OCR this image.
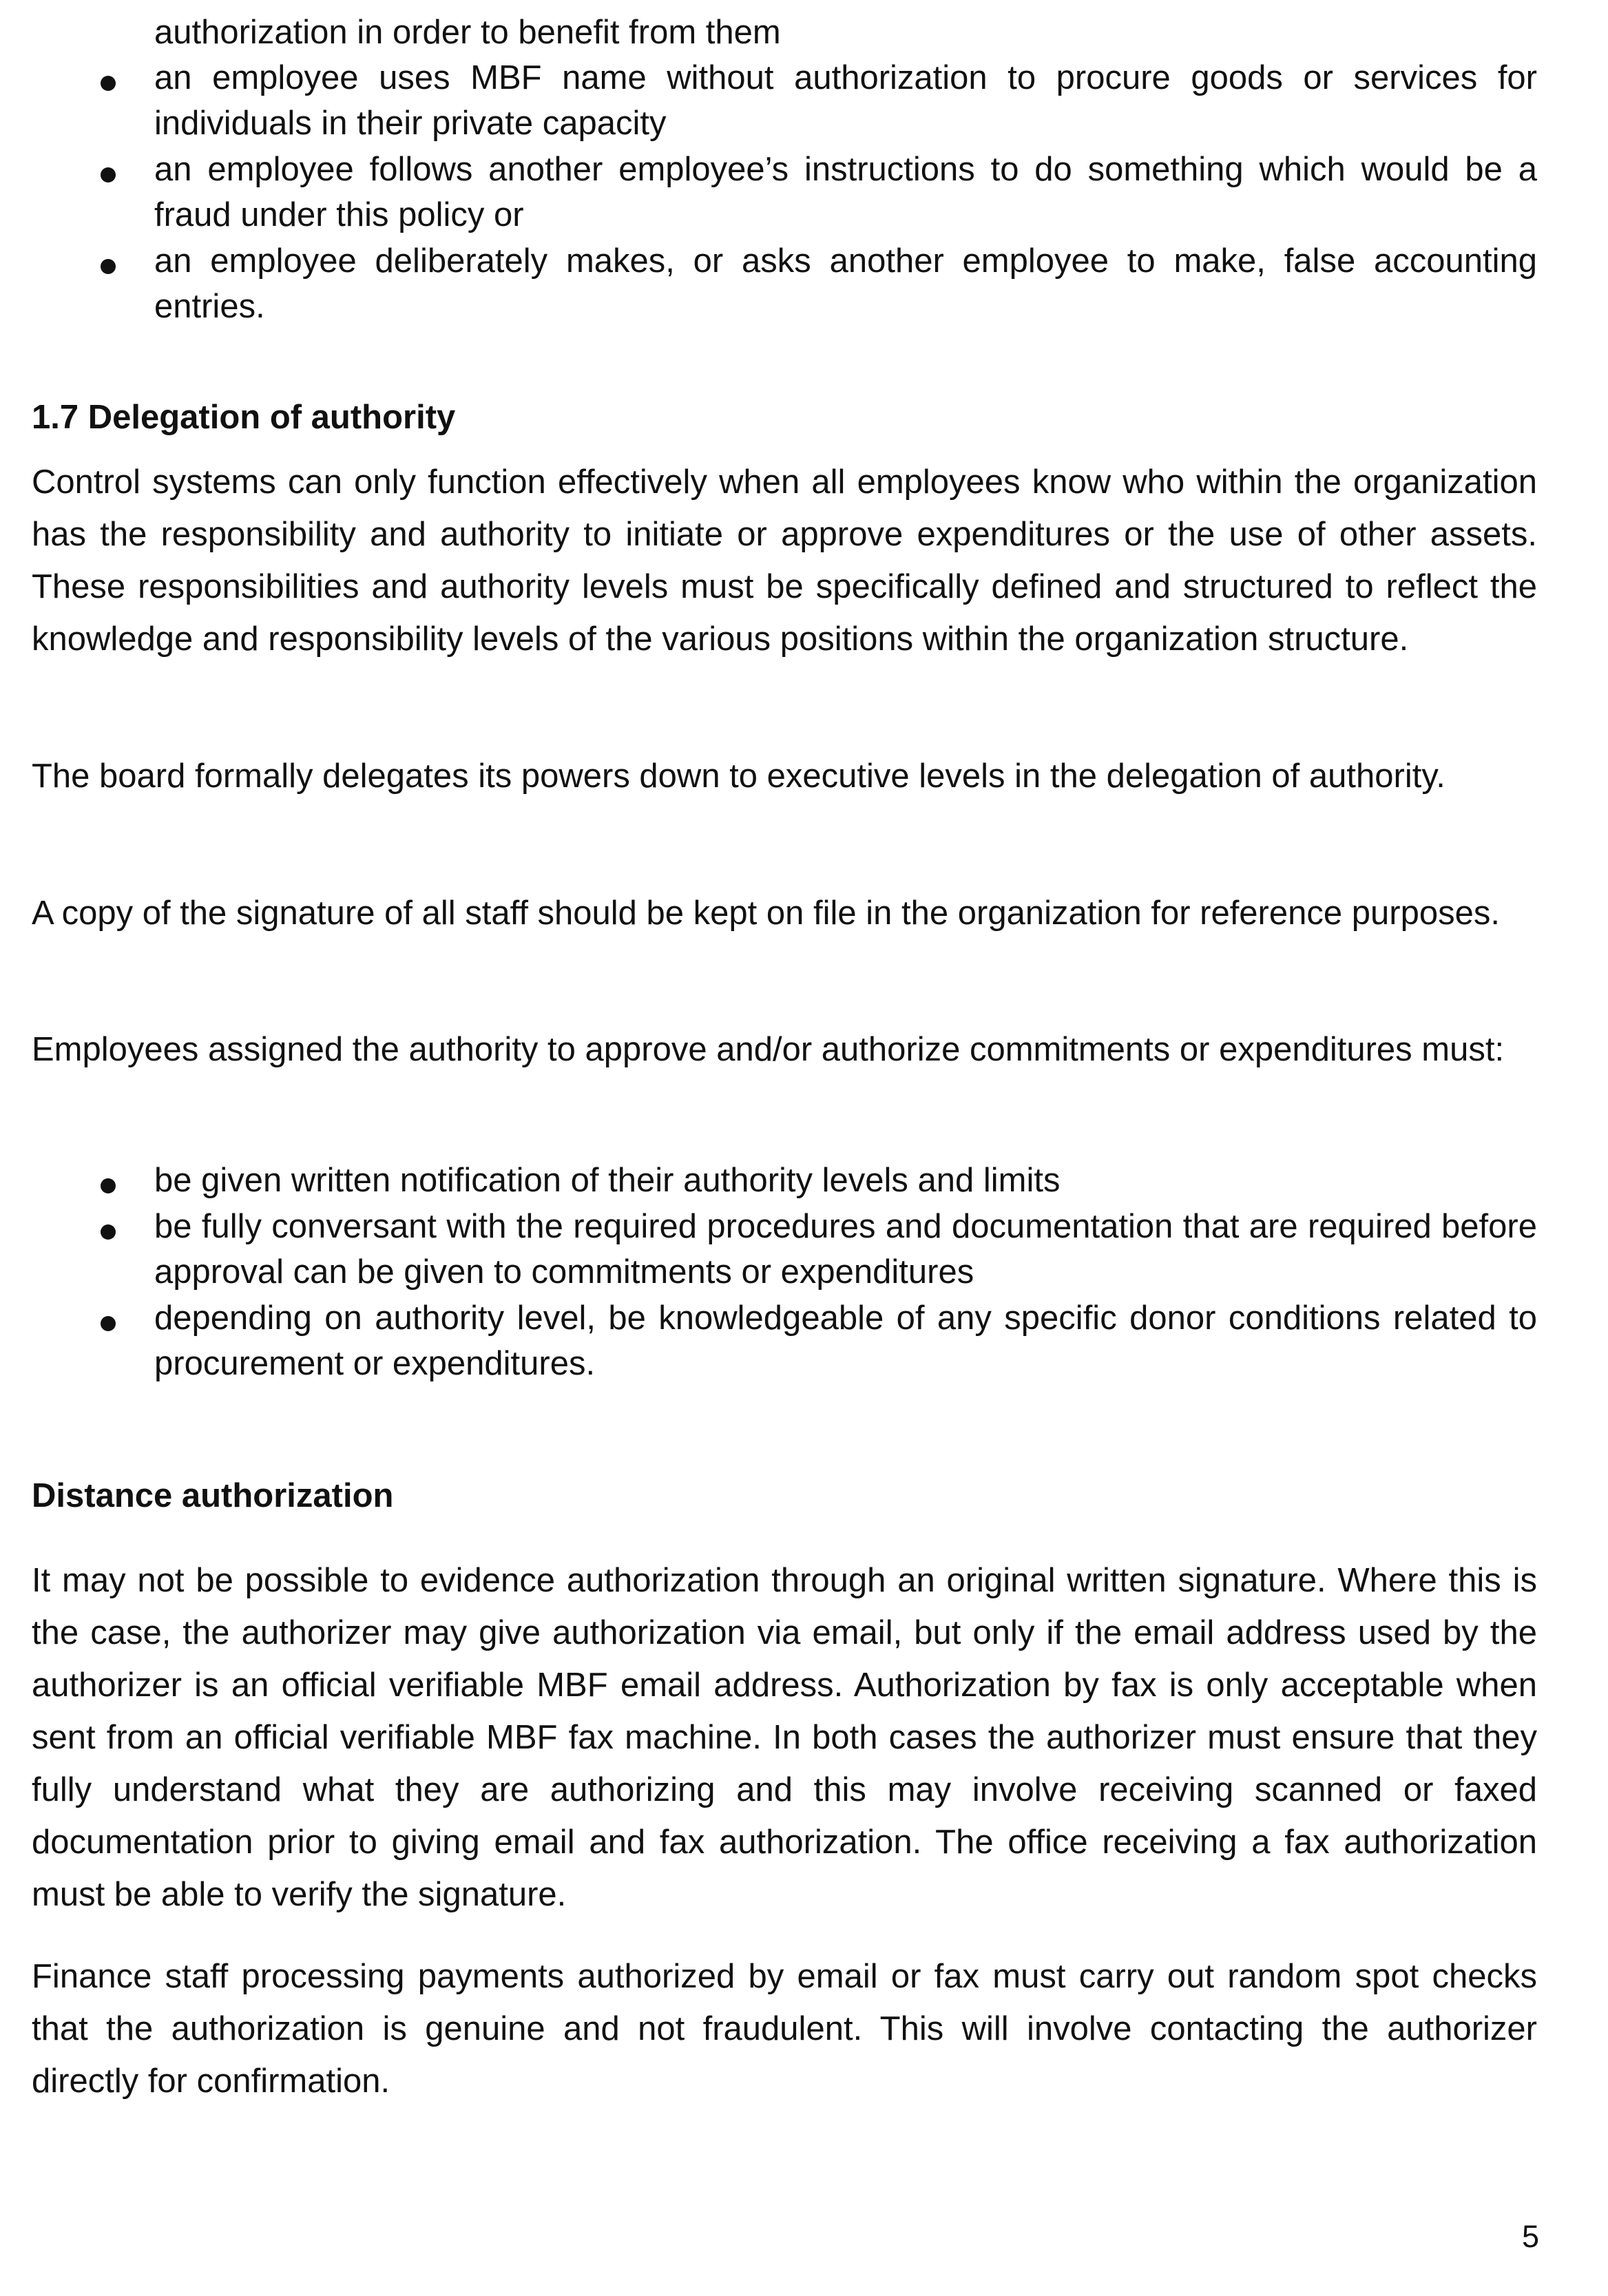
authorization in order to benefit from them
an employee uses MBF name without authorization to procure goods or services for individuals in their private capacity
an employee follows another employee’s instructions to do something which would be a fraud under this policy or
an employee deliberately makes, or asks another employee to make, false accounting entries.
1.7 Delegation of authority
Control systems can only function effectively when all employees know who within the organization has the responsibility and authority to initiate or approve expenditures or the use of other assets. These responsibilities and authority levels must be specifically defined and structured to reflect the knowledge and responsibility levels of the various positions within the organization structure.
The board formally delegates its powers down to executive levels in the delegation of authority.
A copy of the signature of all staff should be kept on file in the organization for reference purposes.
Employees assigned the authority to approve and/or authorize commitments or expenditures must:
be given written notification of their authority levels and limits
be fully conversant with the required procedures and documentation that are required before approval can be given to commitments or expenditures
depending on authority level, be knowledgeable of any specific donor conditions related to procurement or expenditures.
Distance authorization
It may not be possible to evidence authorization through an original written signature. Where this is the case, the authorizer may give authorization via email, but only if the email address used by the authorizer is an official verifiable MBF email address. Authorization by fax is only acceptable when sent from an official verifiable MBF fax machine. In both cases the authorizer must ensure that they fully understand what they are authorizing and this may involve receiving scanned or faxed documentation prior to giving email and fax authorization. The office receiving a fax authorization must be able to verify the signature.
Finance staff processing payments authorized by email or fax must carry out random spot checks that the authorization is genuine and not fraudulent. This will involve contacting the authorizer directly for confirmation.
5
